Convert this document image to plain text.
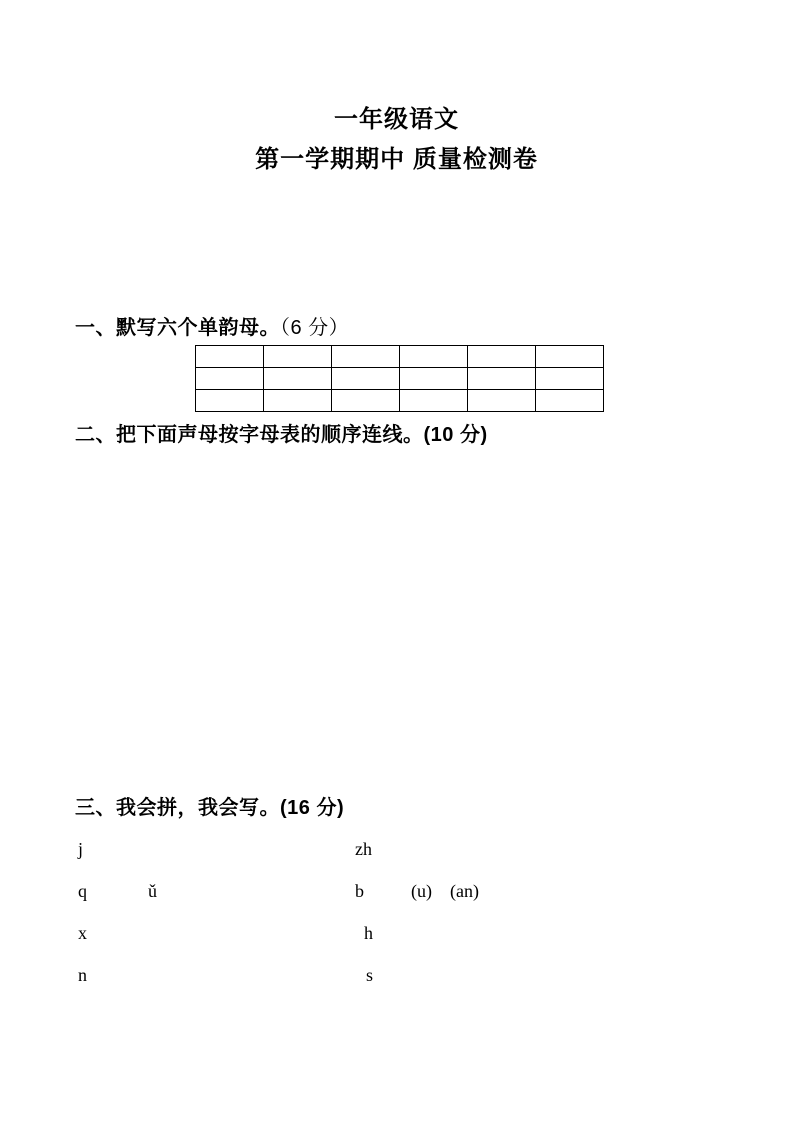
一年级语文
第一学期期中 质量检测卷

一、默写六个单韵母。（6 分）

二、把下面声母按字母表的顺序连线。(10 分)

三、我会拼，我会写。(16 分)

j	zh
q	ǔ	b	(u) (an)
x	h
n	s
